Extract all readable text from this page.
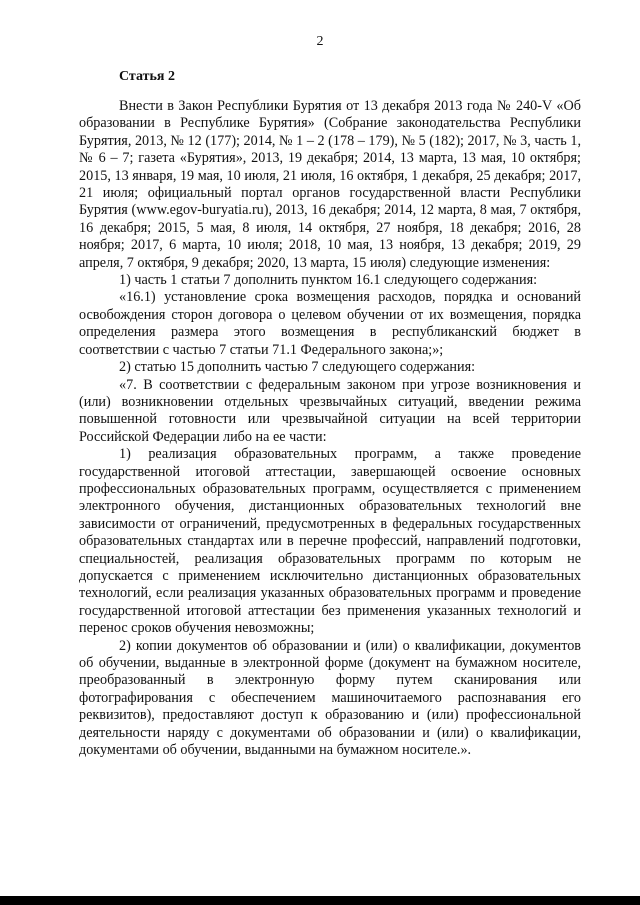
2
Статья 2

Внести в Закон Республики Бурятия от 13 декабря 2013 года № 240-V «Об образовании в Республике Бурятия» (Собрание законодательства Республики Бурятия, 2013, № 12 (177); 2014, № 1 – 2 (178 – 179), № 5 (182); 2017, № 3, часть 1, № 6 – 7; газета «Бурятия», 2013, 19 декабря; 2014, 13 марта, 13 мая, 10 октября; 2015, 13 января, 19 мая, 10 июля, 21 июля, 16 октября, 1 декабря, 25 декабря; 2017, 21 июля; официальный портал органов государственной власти Республики Бурятия (www.egov-buryatia.ru), 2013, 16 декабря; 2014, 12 марта, 8 мая, 7 октября, 16 декабря; 2015, 5 мая, 8 июля, 14 октября, 27 ноября, 18 декабря; 2016, 28 ноября; 2017, 6 марта, 10 июля; 2018, 10 мая, 13 ноября, 13 декабря; 2019, 29 апреля, 7 октября, 9 декабря; 2020, 13 марта, 15 июля) следующие изменения:

1) часть 1 статьи 7 дополнить пунктом 16.1 следующего содержания:

«16.1) установление срока возмещения расходов, порядка и оснований освобождения сторон договора о целевом обучении от их возмещения, порядка определения размера этого возмещения в республиканский бюджет в соответствии с частью 7 статьи 71.1 Федерального закона;»;

2) статью 15 дополнить частью 7 следующего содержания:

«7. В соответствии с федеральным законом при угрозе возникновения и (или) возникновении отдельных чрезвычайных ситуаций, введении режима повышенной готовности или чрезвычайной ситуации на всей территории Российской Федерации либо на ее части:

1) реализация образовательных программ, а также проведение государственной итоговой аттестации, завершающей освоение основных профессиональных образовательных программ, осуществляется с применением электронного обучения, дистанционных образовательных технологий вне зависимости от ограничений, предусмотренных в федеральных государственных образовательных стандартах или в перечне профессий, направлений подготовки, специальностей, реализация образовательных программ по которым не допускается с применением исключительно дистанционных образовательных технологий, если реализация указанных образовательных программ и проведение государственной итоговой аттестации без применения указанных технологий и перенос сроков обучения невозможны;

2) копии документов об образовании и (или) о квалификации, документов об обучении, выданные в электронной форме (документ на бумажном носителе, преобразованный в электронную форму путем сканирования или фотографирования с обеспечением машиночитаемого распознавания его реквизитов), предоставляют доступ к образованию и (или) профессиональной деятельности наряду с документами об образовании и (или) о квалификации, документами об обучении, выданными на бумажном носителе.».
